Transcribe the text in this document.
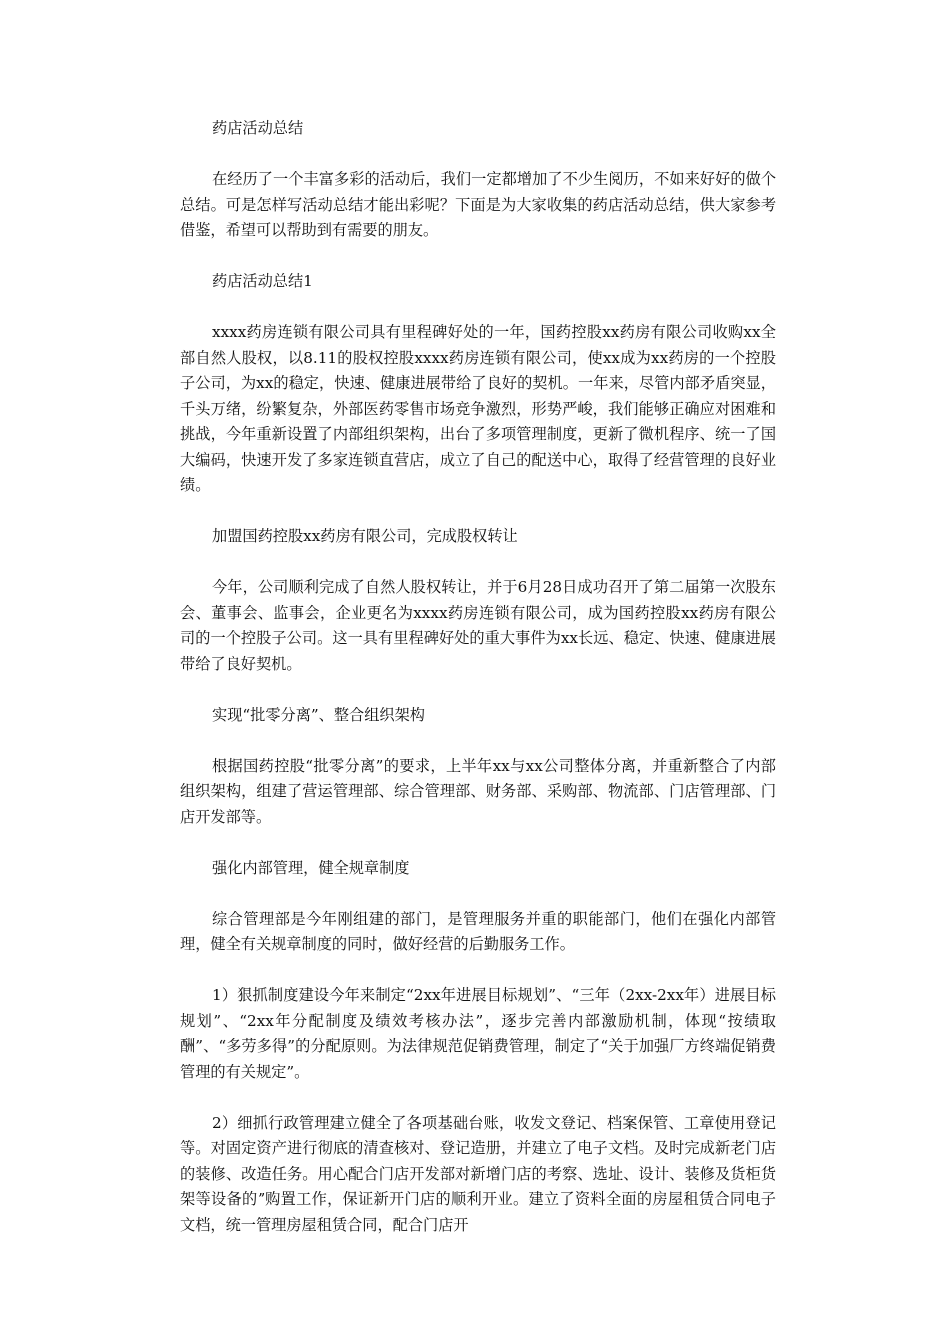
药店活动总结

在经历了一个丰富多彩的活动后，我们一定都增加了不少生阅历，不如来好好的做个总结。可是怎样写活动总结才能出彩呢？下面是为大家收集的药店活动总结，供大家参考借鉴，希望可以帮助到有需要的朋友。

药店活动总结1

xxxx药房连锁有限公司具有里程碑好处的一年，国药控股xx药房有限公司收购xx全部自然人股权，以8.11的股权控股xxxx药房连锁有限公司，使xx成为xx药房的一个控股子公司，为xx的稳定，快速、健康进展带给了良好的契机。一年来，尽管内部矛盾突显，千头万绪，纷繁复杂，外部医药零售市场竞争激烈，形势严峻，我们能够正确应对困难和挑战，今年重新设置了内部组织架构，出台了多项管理制度，更新了微机程序、统一了国大编码，快速开发了多家连锁直营店，成立了自己的配送中心，取得了经营管理的良好业绩。

加盟国药控股xx药房有限公司，完成股权转让

今年，公司顺利完成了自然人股权转让，并于6月28日成功召开了第二届第一次股东会、董事会、监事会，企业更名为xxxx药房连锁有限公司，成为国药控股xx药房有限公司的一个控股子公司。这一具有里程碑好处的重大事件为xx长远、稳定、快速、健康进展带给了良好契机。

实现“批零分离”、整合组织架构

根据国药控股“批零分离”的要求，上半年xx与xx公司整体分离，并重新整合了内部组织架构，组建了营运管理部、综合管理部、财务部、采购部、物流部、门店管理部、门店开发部等。

强化内部管理，健全规章制度

综合管理部是今年刚组建的部门，是管理服务并重的职能部门，他们在强化内部管理，健全有关规章制度的同时，做好经营的后勤服务工作。

1）狠抓制度建设今年来制定“2xx年进展目标规划”、“三年（2xx-2xx年）进展目标规划”、“2xx年分配制度及绩效考核办法”，逐步完善内部激励机制，体现“按绩取酬”、“多劳多得”的分配原则。为法律规范促销费管理，制定了“关于加强厂方终端促销费管理的有关规定”。

2）细抓行政管理建立健全了各项基础台账，收发文登记、档案保管、工章使用登记等。对固定资产进行彻底的清查核对、登记造册，并建立了电子文档。及时完成新老门店的装修、改造任务。用心配合门店开发部对新增门店的考察、选址、设计、装修及货柜货架等设备的ˮ购置工作，保证新开门店的顺利开业。建立了资料全面的房屋租赁合同电子文档，统一管理房屋租赁合同，配合门店开
